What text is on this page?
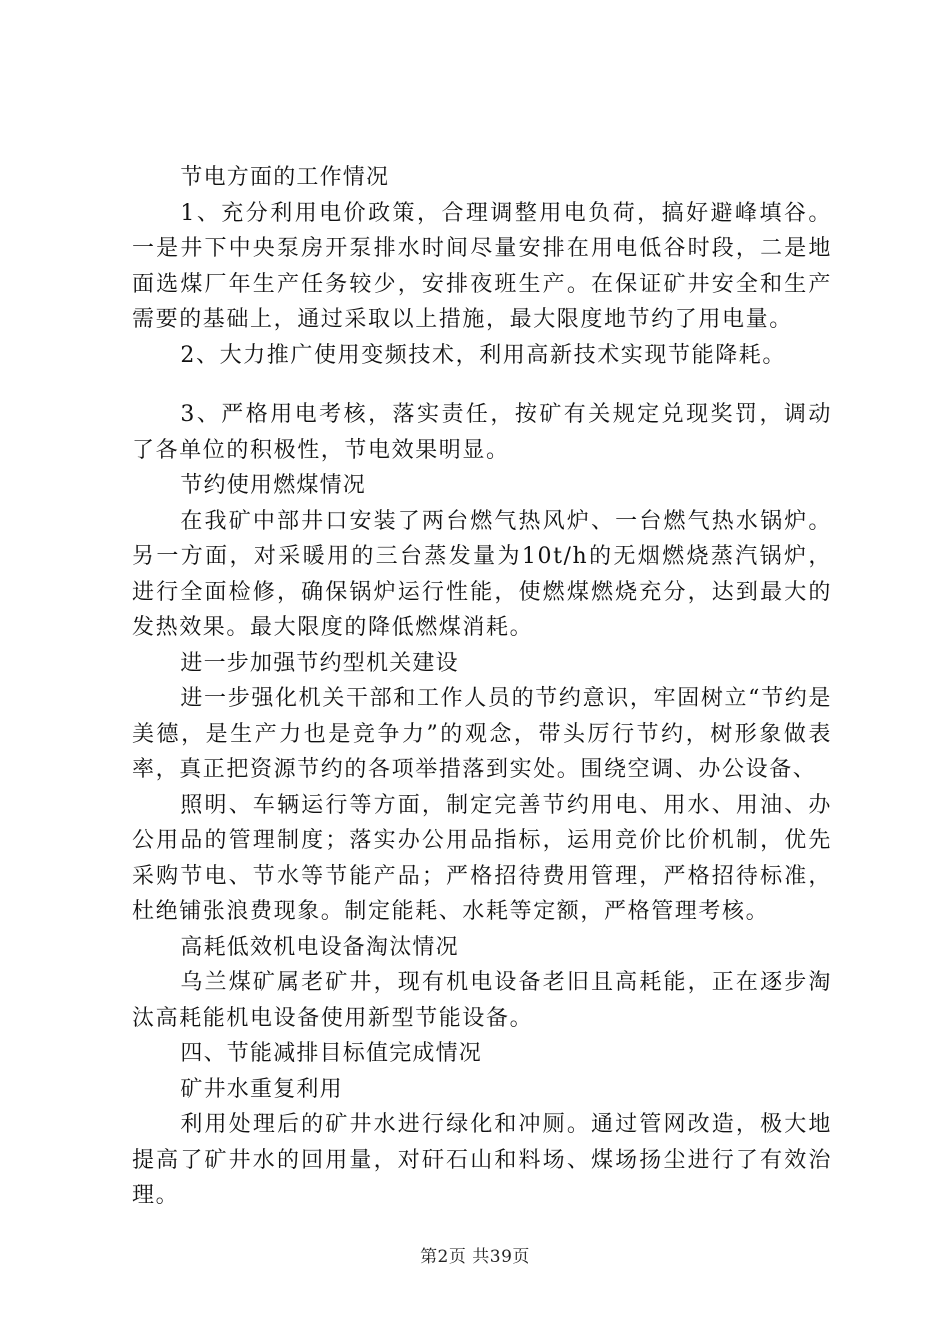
节电方面的工作情况

1、充分利用电价政策，合理调整用电负荷，搞好避峰填谷。一是井下中央泵房开泵排水时间尽量安排在用电低谷时段，二是地面选煤厂年生产任务较少，安排夜班生产。在保证矿井安全和生产需要的基础上，通过采取以上措施，最大限度地节约了用电量。

2、大力推广使用变频技术，利用高新技术实现节能降耗。

3、严格用电考核，落实责任，按矿有关规定兑现奖罚，调动了各单位的积极性，节电效果明显。

节约使用燃煤情况

在我矿中部井口安装了两台燃气热风炉、一台燃气热水锅炉。另一方面，对采暖用的三台蒸发量为10t/h的无烟燃烧蒸汽锅炉，进行全面检修，确保锅炉运行性能，使燃煤燃烧充分，达到最大的发热效果。最大限度的降低燃煤消耗。

进一步加强节约型机关建设

进一步强化机关干部和工作人员的节约意识，牢固树立“节约是美德，是生产力也是竞争力”的观念，带头厉行节约，树形象做表率，真正把资源节约的各项举措落到实处。围绕空调、办公设备、

照明、车辆运行等方面，制定完善节约用电、用水、用油、办公用品的管理制度；落实办公用品指标，运用竞价比价机制，优先采购节电、节水等节能产品；严格招待费用管理，严格招待标准，杜绝铺张浪费现象。制定能耗、水耗等定额，严格管理考核。

高耗低效机电设备淘汰情况

乌兰煤矿属老矿井，现有机电设备老旧且高耗能，正在逐步淘汰高耗能机电设备使用新型节能设备。

四、节能减排目标值完成情况

矿井水重复利用

利用处理后的矿井水进行绿化和冲厕。通过管网改造，极大地提高了矿井水的回用量，对矸石山和料场、煤场扬尘进行了有效治理。

第2页 共39页
